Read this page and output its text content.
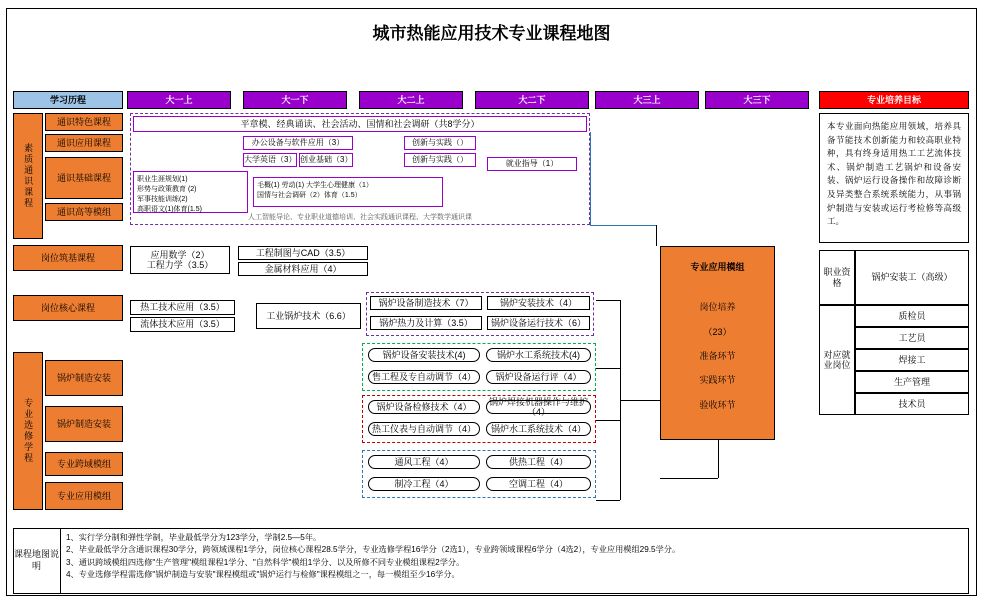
城市热能应用技术专业课程地图
学习历程	大一上	大一下	大二上	大二下	大三上	大三下	专业培养目标
素质通识课程
岗位筑基课程
岗位核心课程
专业选修学程
通识特色课程
通识应用课程
通识基础课程
通识高等模组
锅炉制造安装
锅炉制造安装
专业跨域模组
专业应用模组
平章模、经典诵读、社会活动、国情和社会调研（共8学分）
办公设备与软件应用（3）
大学英语（3） 创业基础（3）
创新与实践（）
创新与实践（）	就业指导（1）
职业生涯规划(1)
形势与政策教育 (2)
军事技能训练(2)
高职语文(1)体育(1.5)
毛概(1) 劳动(1) 大学生心理健康（1）
国情与社会调研（2）体育（1.5）
人工智能导论、专业职业道德培训、社会实践通识课程、大学数学通识课
应用数学（2）
工程力学（3.5）
工程制图与CAD（3.5）
金属材料应用（4）
热工技术应用（3.5）
流体技术应用（3.5）
工业锅炉技术（6.6）
锅炉设备制造技术（7）	锅炉安装技术（4）
锅炉热力及计算（3.5）	锅炉设备运行技术（6）
锅炉设备安装技术(4)	锅炉水工系统技术(4)
售工程及专自动调节（4）	锅炉设备运行评（4）
锅炉设备检修技术（4）
锅炉焊接机器操作与维护（4）
热工仪表与自动调节（4）	锅炉水工系统技术（4）
通风工程（4）	供热工程（4）
制冷工程（4）	空调工程（4）
专业应用模组
岗位培养
（23）
准备环节
实践环节
验收环节
本专业面向热能应用领域，培养具备节能技术创新能力和较高职业特种，具有终身适用热工工艺流体技术、锅炉制造工艺锅炉和设备安装、锅炉运行设备操作和故障诊断及异类整合系统系统能力，从事锅炉制造与安装或运行考检修等高级工。
职业资格
锅炉安装工（高级）
对应就业岗位
质检员
工艺员
焊接工
生产管理
技术员
课程地图说明
1、实行学分制和弹性学制，毕业最低学分为123学分，学制2.5—5年。
2、毕业最低学分含通识课程30学分，跨领域课程1学分，岗位核心课程28.5学分，专业选修学程16学分（2选1），专业跨领域课程6学分（4选2），专业应用模组29.5学分。
3、通识跨域模组四选修"生产管理"模组课程1学分、"自然科学"模组1学分、以及所修不同专业模组课程2学分。
4、专业选修学程需选修"锅炉制造与安装"课程模组或"锅炉运行与检修"课程模组之一，每一模组至少16学分。
